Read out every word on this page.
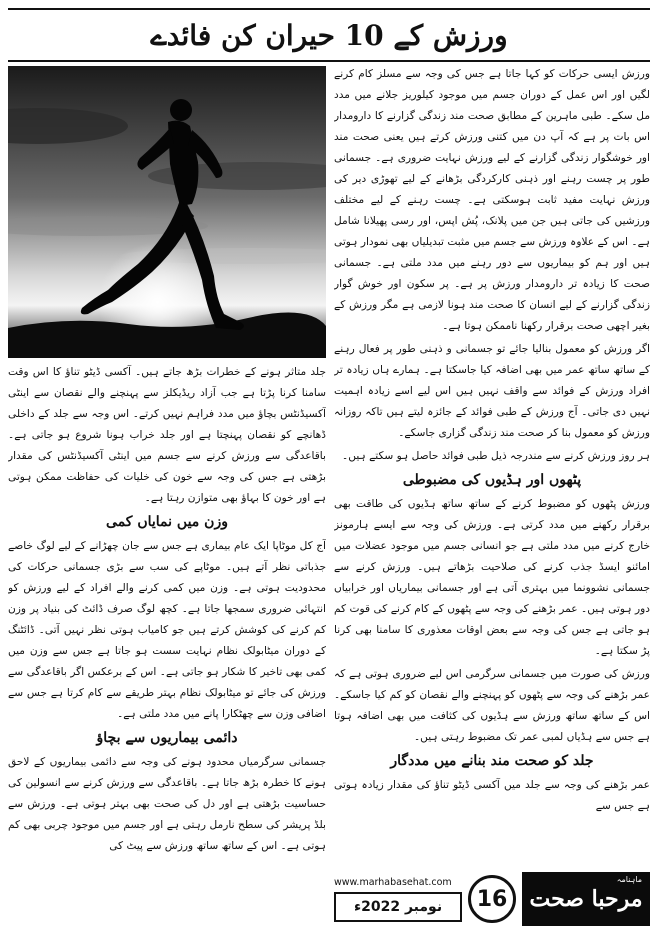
ورزش کے 10 حیران کن فائدے

ورزش ایسی حرکات کو کہا جاتا ہے جس کی وجہ سے مسلز کام کرنے لگیں اور اس عمل کے دوران جسم میں موجود کیلوریز جلانے میں مدد مل سکے۔ طبی ماہرین کے مطابق صحت مند زندگی گزارنے کا دارومدار اس بات پر ہے کہ آپ دن میں کتنی ورزش کرتے ہیں یعنی صحت مند اور خوشگوار زندگی گزارنے کے لیے ورزش نہایت ضروری ہے۔ جسمانی طور پر چست رہنے اور ذہنی کارکردگی بڑھانے کے لیے تھوڑی دیر کی ورزش نہایت مفید ثابت ہوسکتی ہے۔ چست رہنے کے لیے مختلف ورزشیں کی جاتی ہیں جن میں پلانک، پُش اپس، اور رسی پھیلانا شامل ہے۔ اس کے علاوہ ورزش سے جسم میں مثبت تبدیلیاں بھی نمودار ہوتی ہیں اور ہم کو بیماریوں سے دور رہنے میں مدد ملتی ہے۔ جسمانی صحت کا زیادہ تر دارومدار ورزش پر ہے۔ پر سکون اور خوش گوار زندگی گزارنے کے لیے انسان کا صحت مند ہونا لازمی ہے مگر ورزش کے بغیر اچھی صحت برقرار رکھنا ناممکن ہوتا ہے۔

اگر ورزش کو معمول بنالیا جائے تو جسمانی و ذہنی طور پر فعال رہنے کے ساتھ ساتھ عمر میں بھی اضافہ کیا جاسکتا ہے۔ ہمارے ہاں زیادہ تر افراد ورزش کے فوائد سے واقف نہیں ہیں اس لیے اسے زیادہ اہمیت نہیں دی جاتی۔ آج ورزش کے طبی فوائد کے جائزہ لیتے ہیں تاکہ روزانہ ورزش کو معمول بنا کر صحت مند زندگی گزاری جاسکے۔

ہر روز ورزش کرنے سے مندرجہ ذیل طبی فوائد حاصل ہو سکتے ہیں۔

پٹھوں اور ہڈیوں کی مضبوطی

ورزش پٹھوں کو مضبوط کرنے کے ساتھ ساتھ ہڈیوں کی طاقت بھی برقرار رکھنے میں مدد کرتی ہے۔ ورزش کی وجہ سے ایسے ہارمونز خارج کرنے میں مدد ملتی ہے جو انسانی جسم میں موجود عضلات میں امائنو ایسڈ جذب کرنے کی صلاحیت بڑھاتے ہیں۔ ورزش کرنے سے جسمانی نشوونما میں بہتری آتی ہے اور جسمانی بیماریاں اور خرابیاں دور ہوتی ہیں۔ عمر بڑھنے کی وجہ سے پٹھوں کے کام کرنے کی قوت کم ہو جاتی ہے جس کی وجہ سے بعض اوقات معذوری کا سامنا بھی کرنا پڑ سکتا ہے۔

ورزش کی صورت میں جسمانی سرگرمی اس لیے ضروری ہوتی ہے کہ عمر بڑھنے کی وجہ سے پٹھوں کو پہنچنے والے نقصان کو کم کیا جاسکے۔ اس کے ساتھ ساتھ ورزش سے ہڈیوں کی کثافت میں بھی اضافہ ہوتا ہے جس سے ہڈیاں لمبی عمر تک مضبوط رہتی ہیں۔

جلد کو صحت مند بنانے میں مددگار

عمر بڑھنے کی وجہ سے جلد میں آکسی ڈیٹو تناؤ کی مقدار زیادہ ہوتی ہے جس سے

جلد متاثر ہونے کے خطرات بڑھ جاتے ہیں۔ آکسی ڈیٹو تناؤ کا اس وقت سامنا کرنا پڑتا ہے جب آزاد ریڈیکلز سے پہنچنے والے نقصان سے اینٹی آکسیڈنٹس بچاؤ میں مدد فراہم نہیں کرتے۔ اس وجہ سے جلد کے داخلی ڈھانچے کو نقصان پہنچتا ہے اور جلد خراب ہونا شروع ہو جاتی ہے۔ باقاعدگی سے ورزش کرنے سے جسم میں اینٹی آکسیڈنٹس کی مقدار بڑھتی ہے جس کی وجہ سے خون کی خلیات کی حفاظت ممکن ہوتی ہے اور خون کا بہاؤ بھی متوازن رہتا ہے۔

وزن میں نمایاں کمی

آج کل موٹاپا ایک عام بیماری ہے جس سے جان چھڑانے کے لیے لوگ خاصے جذباتی نظر آتے ہیں۔ موٹاپے کی سب سے بڑی جسمانی حرکات کی محدودیت ہوتی ہے۔ وزن میں کمی کرنے والے افراد کے لیے ورزش کو انتہائی ضروری سمجھا جاتا ہے۔ کچھ لوگ صرف ڈائٹ کی بنیاد پر وزن کم کرنے کی کوشش کرتے ہیں جو کامیاب ہوتی نظر نہیں آتی۔ ڈائٹنگ کے دوران میٹابولک نظام نہایت سست ہو جاتا ہے جس سے وزن میں کمی بھی تاخیر کا شکار ہو جاتی ہے۔ اس کے برعکس اگر باقاعدگی سے ورزش کی جائے تو میٹابولک نظام بہتر طریقے سے کام کرتا ہے جس سے اضافی وزن سے چھٹکارا پانے میں مدد ملتی ہے۔

دائمی بیماریوں سے بچاؤ

جسمانی سرگرمیاں محدود ہونے کی وجہ سے دائمی بیماریوں کے لاحق ہونے کا خطرہ بڑھ جاتا ہے۔ باقاعدگی سے ورزش کرنے سے انسولین کی حساسیت بڑھتی ہے اور دل کی صحت بھی بہتر ہوتی ہے۔ ورزش سے بلڈ پریشر کی سطح نارمل رہتی ہے اور جسم میں موجود چربی بھی کم ہوتی ہے۔ اس کے ساتھ ساتھ ورزش سے پیٹ کی

www.marhabasehat.com
نومبر 2022ء	16
ماہنامہ
مرحبا صحت
